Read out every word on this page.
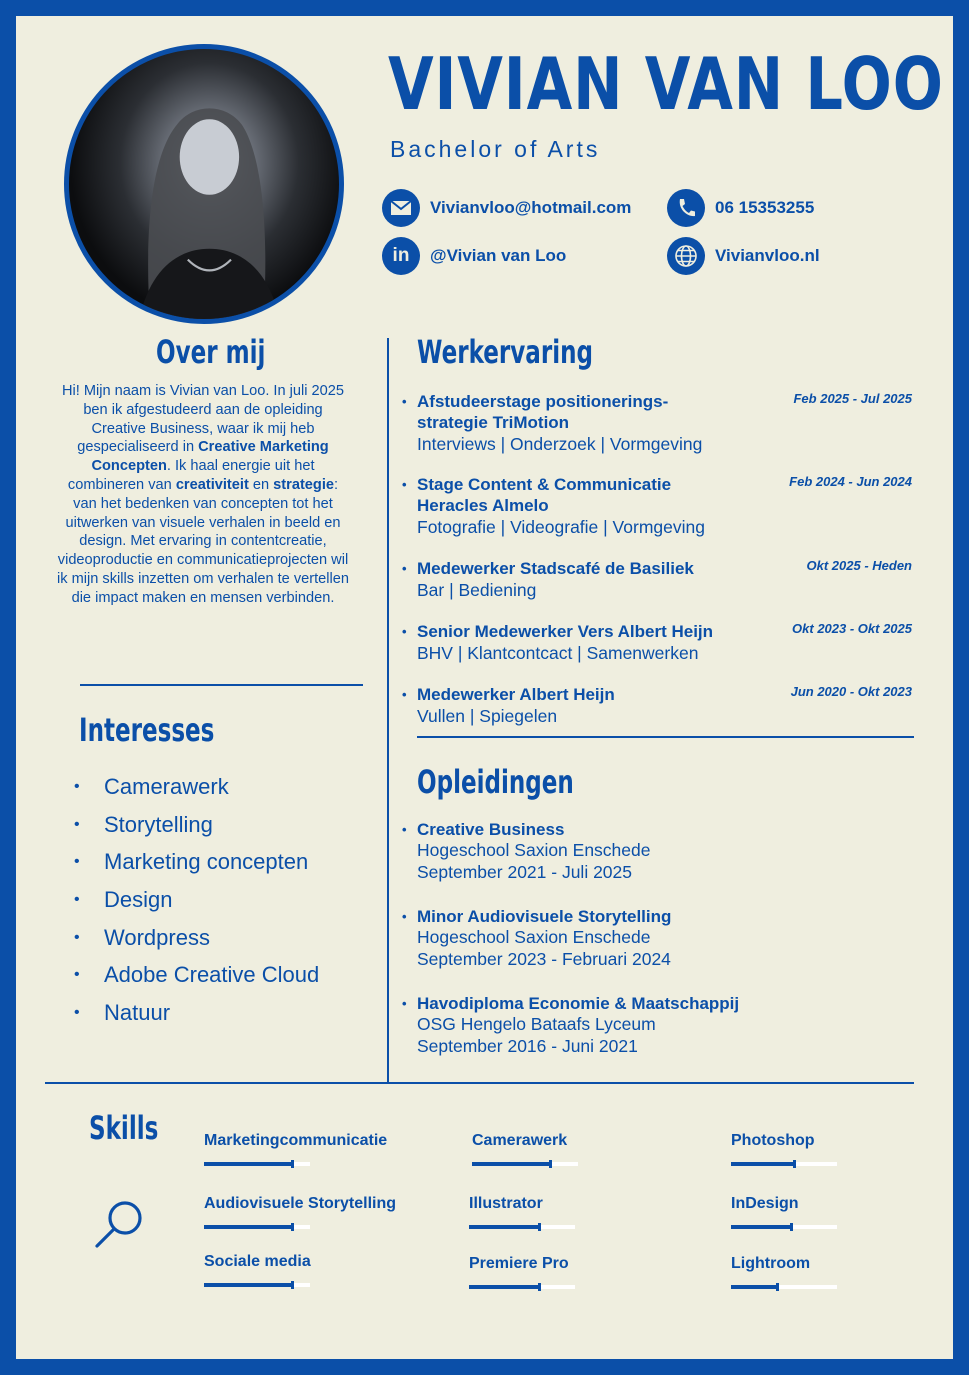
VIVIAN VAN LOO
Bachelor of Arts
Vivianvloo@hotmail.com	06 15353255
in	@Vivian van Loo	Vivianvloo.nl
Over mij
Hi! Mijn naam is Vivian van Loo. In juli 2025 ben ik afgestudeerd aan de opleiding Creative Business, waar ik mij heb gespecialiseerd in Creative Marketing Concepten. Ik haal energie uit het combineren van creativiteit en strategie: van het bedenken van concepten tot het uitwerken van visuele verhalen in beeld en design. Met ervaring in contentcreatie, videoproductie en communicatieprojecten wil ik mijn skills inzetten om verhalen te vertellen die impact maken en mensen verbinden.
Interesses
•	Camerawerk
•	Storytelling
•	Marketing concepten
•	Design
•	Wordpress
•	Adobe Creative Cloud
•	Natuur
Werkervaring
• Afstudeerstage positionerings-
strategie TriMotion
Interviews | Onderzoek | Vormgeving
Feb 2025 - Jul 2025
• Stage Content & Communicatie
Heracles Almelo
Fotografie | Videografie | Vormgeving
Feb 2024 - Jun 2024
• Medewerker Stadscafé de Basiliek
Bar | Bediening
Okt 2025 - Heden
• Senior Medewerker Vers Albert Heijn
BHV | Klantcontcact | Samenwerken
Okt 2023 - Okt 2025
• Medewerker Albert Heijn
Vullen | Spiegelen
Jun 2020 - Okt 2023
Opleidingen
• Creative Business
Hogeschool Saxion Enschede
September 2021 - Juli 2025
• Minor Audiovisuele Storytelling
Hogeschool Saxion Enschede
September 2023 - Februari 2024
• Havodiploma Economie & Maatschappij
OSG Hengelo Bataafs Lyceum
September 2016 - Juni 2021
Skills	Marketingcommunicatie	Camerawerk	Photoshop
Audiovisuele Storytelling	Illustrator	InDesign
Sociale media	Premiere Pro	Lightroom
